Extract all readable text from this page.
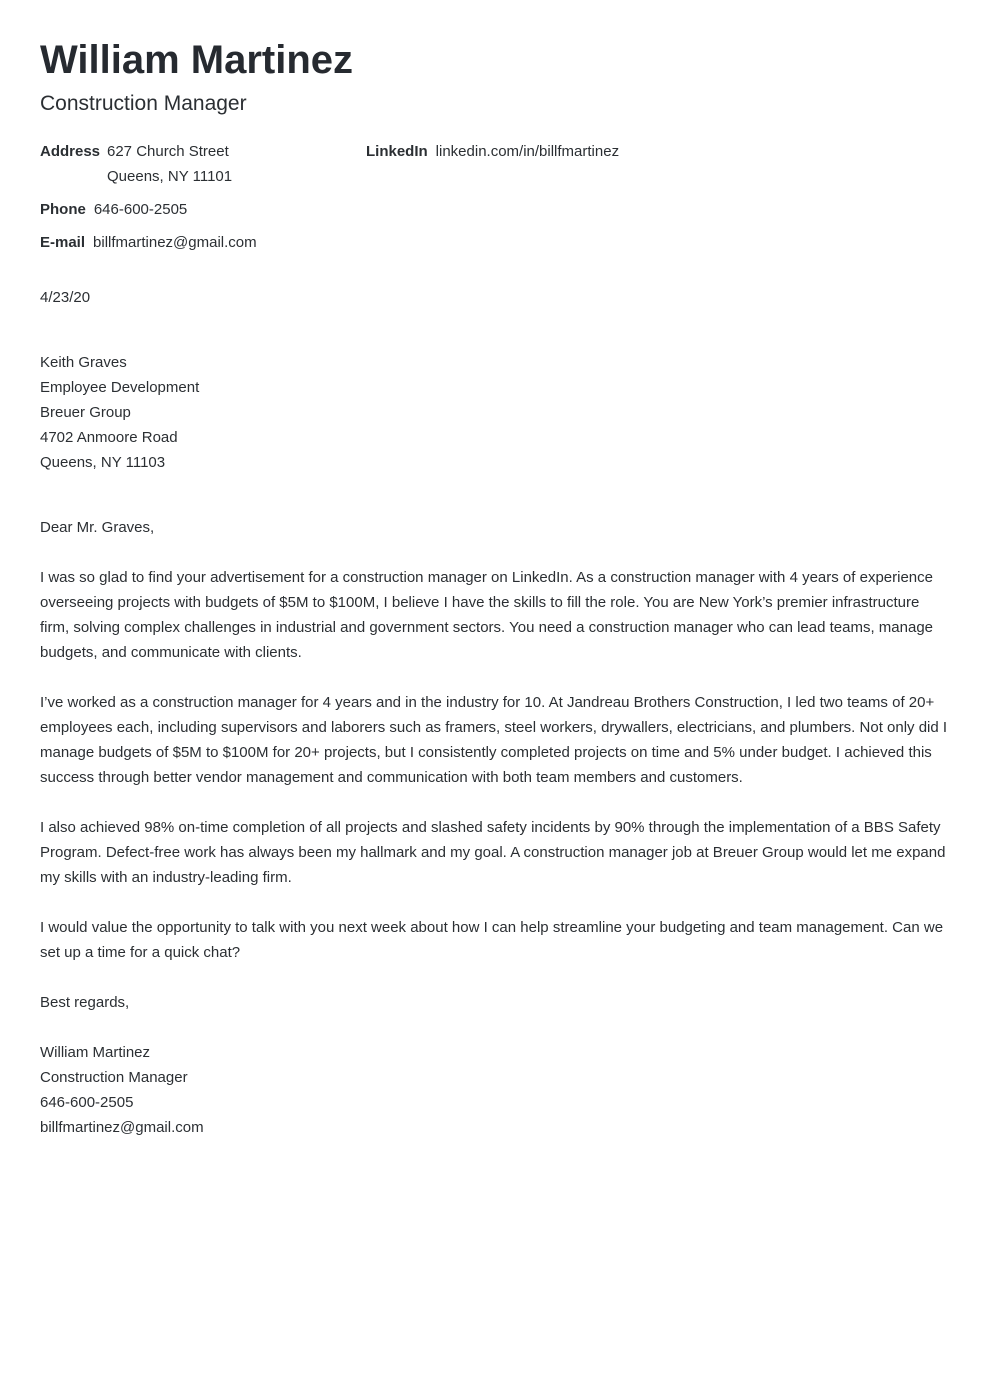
William Martinez
Construction Manager
Address 627 Church Street
Queens, NY 11101
LinkedIn linkedin.com/in/billfmartinez
Phone 646-600-2505
E-mail billfmartinez@gmail.com
4/23/20
Keith Graves
Employee Development
Breuer Group
4702 Anmoore Road
Queens, NY 11103

Dear Mr. Graves,

I was so glad to find your advertisement for a construction manager on LinkedIn. As a construction manager with 4 years of experience overseeing projects with budgets of $5M to $100M, I believe I have the skills to fill the role. You are New York’s premier infrastructure firm, solving complex challenges in industrial and government sectors. You need a construction manager who can lead teams, manage budgets, and communicate with clients.

I’ve worked as a construction manager for 4 years and in the industry for 10. At Jandreau Brothers Construction, I led two teams of 20+ employees each, including supervisors and laborers such as framers, steel workers, drywallers, electricians, and plumbers. Not only did I manage budgets of $5M to $100M for 20+ projects, but I consistently completed projects on time and 5% under budget. I achieved this success through better vendor management and communication with both team members and customers.

I also achieved 98% on-time completion of all projects and slashed safety incidents by 90% through the implementation of a BBS Safety Program. Defect-free work has always been my hallmark and my goal. A construction manager job at Breuer Group would let me expand my skills with an industry-leading firm.

I would value the opportunity to talk with you next week about how I can help streamline your budgeting and team management. Can we set up a time for a quick chat?

Best regards,

William Martinez
Construction Manager
646-600-2505
billfmartinez@gmail.com
